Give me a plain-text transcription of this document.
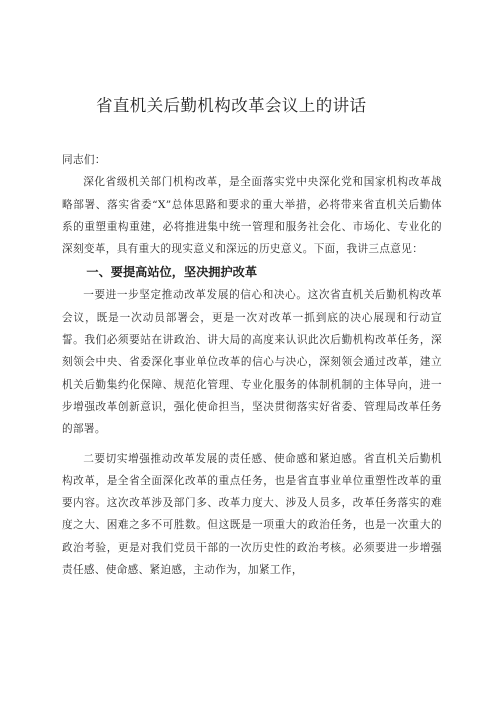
省直机关后勤机构改革会议上的讲话

同志们：

深化省级机关部门机构改革，是全面落实党中央深化党和国家机构改革战略部署、落实省委“X”总体思路和要求的重大举措，必将带来省直机关后勤体系的重塑重构重建，必将推进集中统一管理和服务社会化、市场化、专业化的深刻变革，具有重大的现实意义和深远的历史意义。下面，我讲三点意见：

一、要提高站位，坚决拥护改革

一要进一步坚定推动改革发展的信心和决心。这次省直机关后勤机构改革会议，既是一次动员部署会，更是一次对改革一抓到底的决心展现和行动宣誓。我们必须要站在讲政治、讲大局的高度来认识此次后勤机构改革任务，深刻领会中央、省委深化事业单位改革的信心与决心，深刻领会通过改革，建立机关后勤集约化保障、规范化管理、专业化服务的体制机制的主体导向，进一步增强改革创新意识，强化使命担当，坚决贯彻落实好省委、管理局改革任务的部署。

二要切实增强推动改革发展的责任感、使命感和紧迫感。省直机关后勤机构改革，是全省全面深化改革的重点任务，也是省直事业单位重塑性改革的重要内容。这次改革涉及部门多、改革力度大、涉及人员多，改革任务落实的难度之大、困难之多不可胜数。但这既是一项重大的政治任务，也是一次重大的政治考验，更是对我们党员干部的一次历史性的政治考核。必须要进一步增强责任感、使命感、紧迫感，主动作为，加紧工作，
